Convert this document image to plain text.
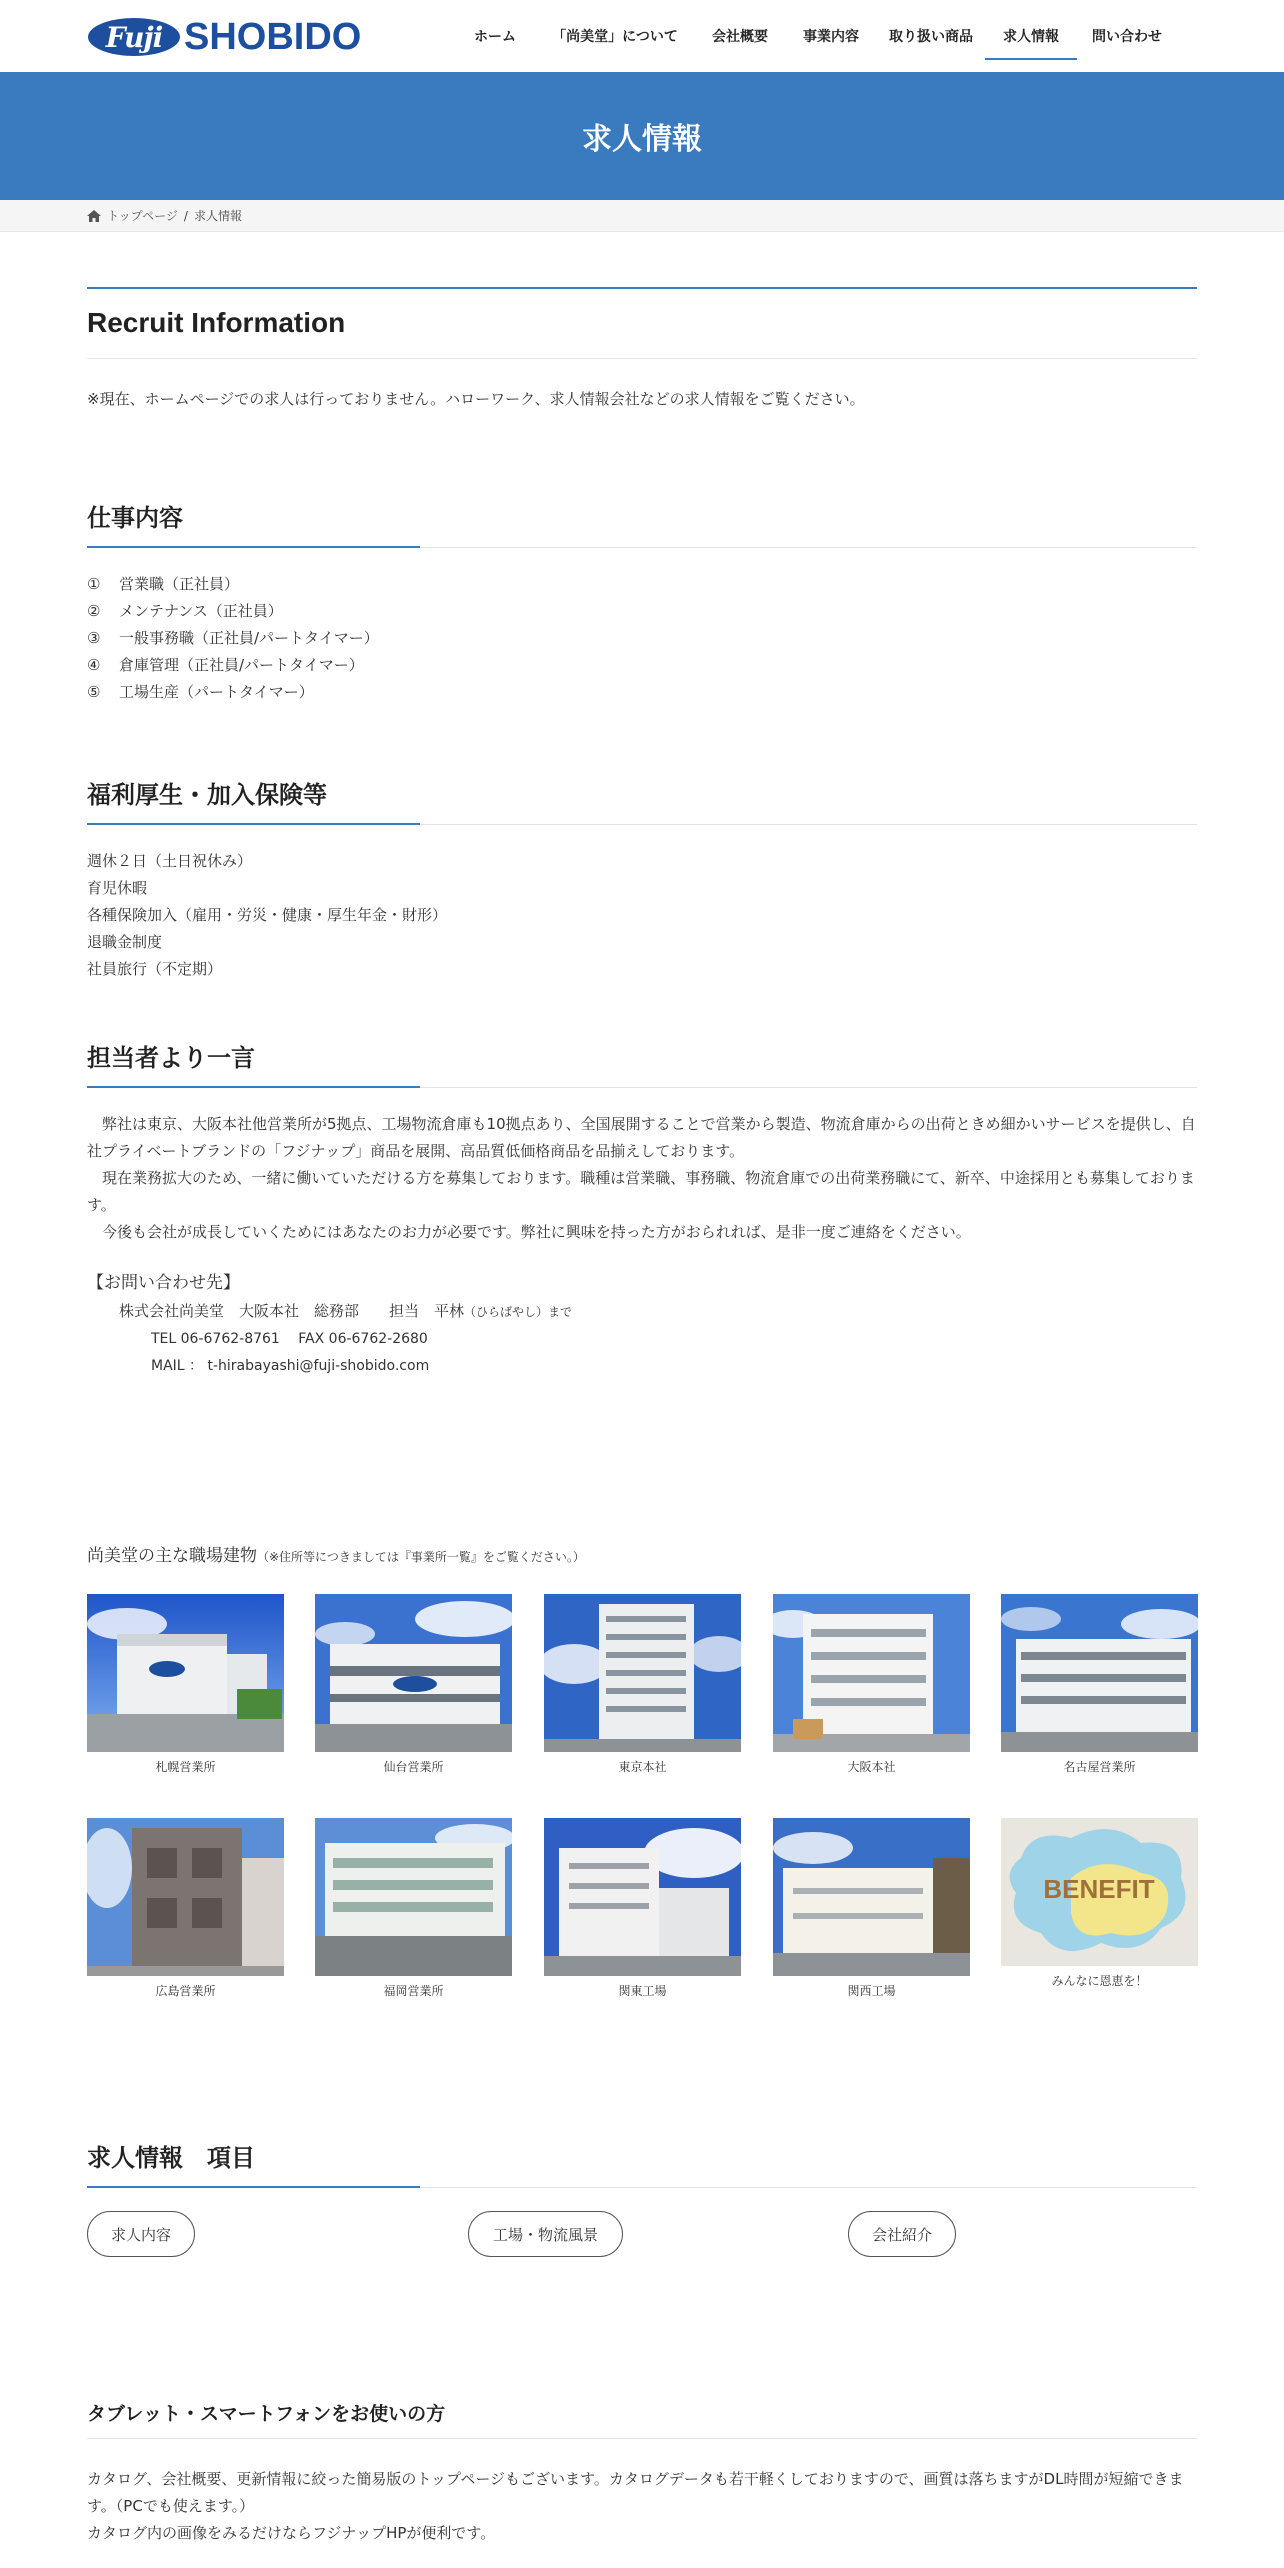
Fuji SHOBIDO	ホーム	「尚美堂」について	会社概要	事業内容	取り扱い商品	求人情報	問い合わせ
求人情報
トップページ / 求人情報
Recruit Information
※現在、ホームページでの求人は行っておりません。ハローワーク、求人情報会社などの求人情報をご覧ください。
仕事内容
① 営業職（正社員）
② メンテナンス（正社員）
③ 一般事務職（正社員/パートタイマー）
④ 倉庫管理（正社員/パートタイマー）
⑤ 工場生産（パートタイマー）
福利厚生・加入保険等
週休２日（土日祝休み）
育児休暇
各種保険加入（雇用・労災・健康・厚生年金・財形）
退職金制度
社員旅行（不定期）
担当者より一言
　弊社は東京、大阪本社他営業所が5拠点、工場物流倉庫も10拠点あり、全国展開することで営業から製造、物流倉庫からの出荷ときめ細かいサービスを提供し、自社プライベートブランドの「フジナップ」商品を展開、高品質低価格商品を品揃えしております。
　現在業務拡大のため、一緒に働いていただける方を募集しております。職種は営業職、事務職、物流倉庫での出荷業務職にて、新卒、中途採用とも募集しております。
　今後も会社が成長していくためにはあなたのお力が必要です。弊社に興味を持った方がおられれば、是非一度ご連絡をください。
【お問い合わせ先】
株式会社尚美堂　大阪本社　総務部　　担当　平林（ひらばやし）まで
TEL 06-6762-8761　 FAX 06-6762-2680
MAIL ： t-hirabayashi@fuji-shobido.com
尚美堂の主な職場建物（※住所等につきましては『事業所一覧』をご覧ください。）
札幌営業所	仙台営業所	東京本社	大阪本社	名古屋営業所
広島営業所	福岡営業所	関東工場	関西工場
BENEFIT
みんなに恩恵を！
求人情報　項目
求人内容	工場・物流風景	会社紹介
タブレット・スマートフォンをお使いの方
カタログ、会社概要、更新情報に絞った簡易版のトップページもございます。カタログデータも若干軽くしておりますので、画質は落ちますがDL時間が短縮できます。（PCでも使えます。）
カタログ内の画像をみるだけならフジナップHPが便利です。
